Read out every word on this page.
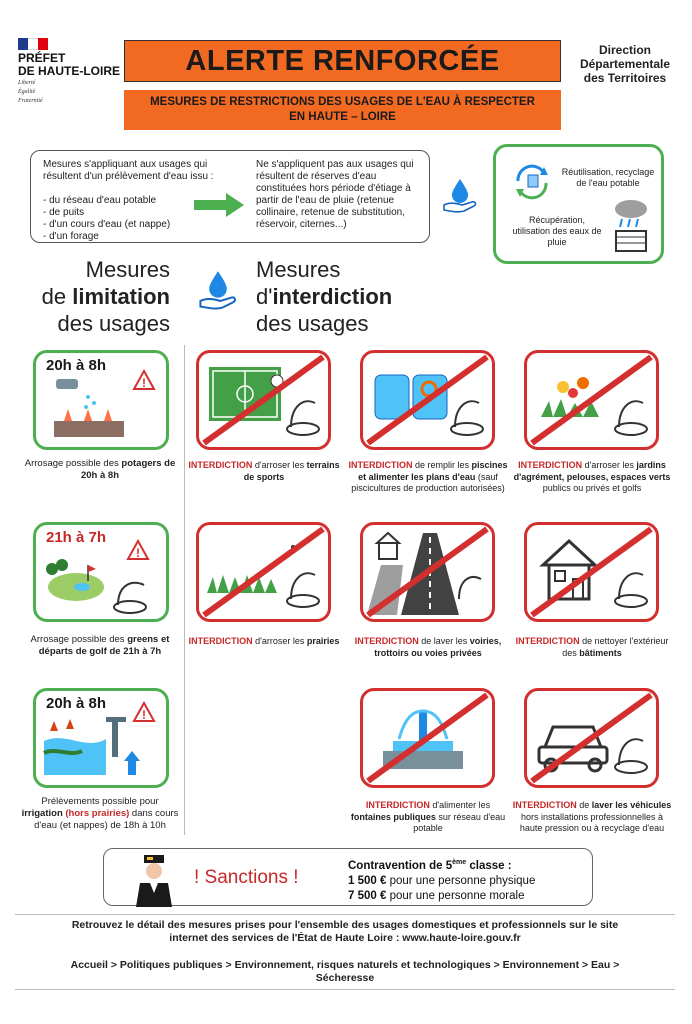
PRÉFET
DE HAUTE-LOIRE
Liberté
Égalité
Fraternité
ALERTE RENFORCÉE
MESURES DE RESTRICTIONS DES USAGES DE L'EAU À RESPECTER
EN HAUTE – LOIRE
Direction
Départementale
des Territoires
Mesures s'appliquant aux usages qui résultent d'un prélèvement d'eau issu :
- du réseau d'eau potable
- de puits
- d'un cours d'eau (et nappe)
- d'un forage
Ne s'appliquent pas aux usages qui résultent de réserves d'eau constituées hors période d'étiage à partir de l'eau de pluie (retenue collinaire, retenue de substitution, réservoir, citernes...)
Réutilisation, recyclage de l'eau potable
Récupération, utilisation des eaux de pluie
Mesures
de limitation
des usages
Mesures
d'interdiction
des usages
!
20h à 8h
Arrosage possible des potagers de 20h à 8h
!
21h à 7h
Arrosage possible des greens et départs de golf de 21h à 7h
!
20h à 8h
Prélèvements possible pour irrigation (hors prairies) dans cours d'eau (et nappes) de 18h à 10h
INTERDICTION d'arroser les terrains de sports
INTERDICTION de remplir les piscines et alimenter les plans d'eau (sauf piscicultures de production autorisées)
INTERDICTION d'arroser les jardins d'agrément, pelouses, espaces verts publics ou privés et golfs
INTERDICTION d'arroser les prairies	INTERDICTION de laver les voiries, trottoirs ou voies privées
INTERDICTION de nettoyer l'extérieur des bâtiments
INTERDICTION d'alimenter les fontaines publiques sur réseau d'eau potable
INTERDICTION de laver les véhicules hors installations professionnelles à haute pression ou à recyclage d'eau
! Sanctions !
Contravention de 5ème classe :
1 500 € pour une personne physique
7 500 € pour une personne morale
Retrouvez le détail des mesures prises pour l'ensemble des usages domestiques et professionnels sur le site
internet des services de l'État de Haute Loire : www.haute-loire.gouv.fr
Accueil > Politiques publiques > Environnement, risques naturels et technologiques > Environnement > Eau >
Sécheresse
